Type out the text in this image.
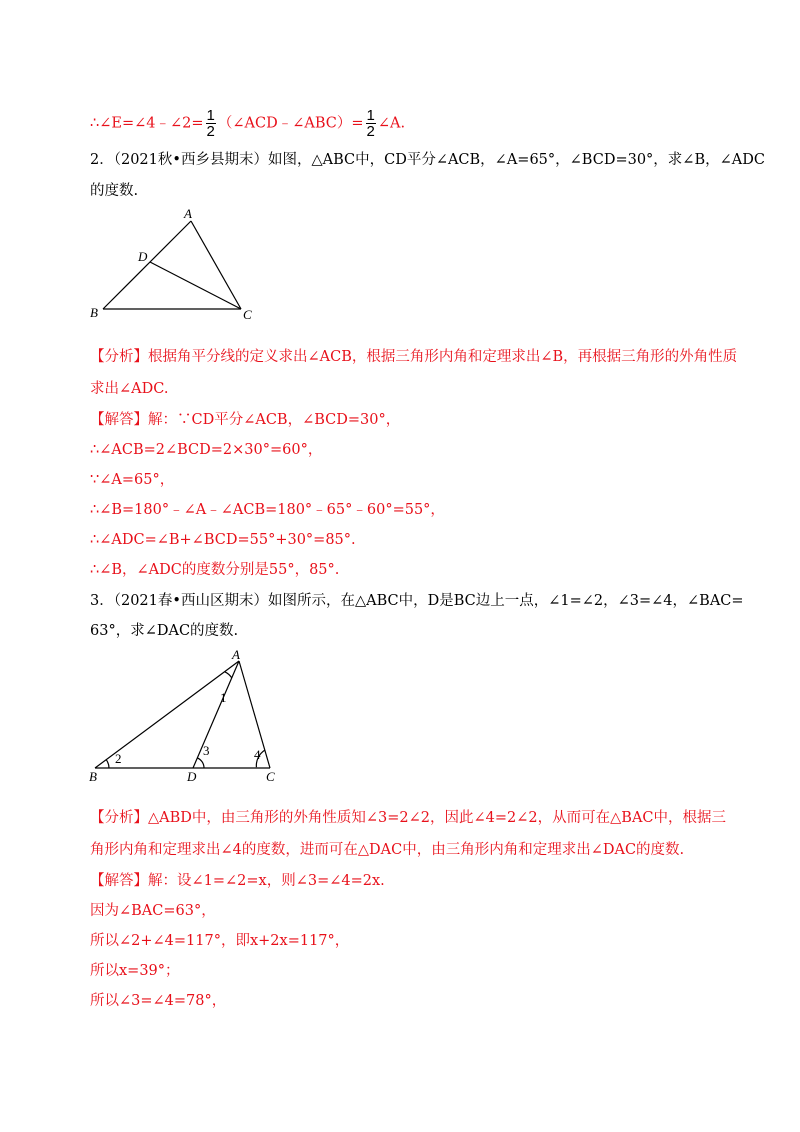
∴∠E=∠4﹣∠2= $\frac{1}{2}$ （∠ACD﹣∠ABC）= $\frac{1}{2}$ ∠A.
2．（2021秋•西乡县期末）如图，△ABC中，CD平分∠ACB，∠A=65°，∠BCD=30°，求∠B，∠ADC
的度数.
A
D
B	C
【分析】根据角平分线的定义求出∠ACB，根据三角形内角和定理求出∠B，再根据三角形的外角性质
求出∠ADC.
【解答】解：∵CD平分∠ACB，∠BCD=30°，
∴∠ACB=2∠BCD=2×30°=60°，
∵∠A=65°，
∴∠B=180°﹣∠A﹣∠ACB=180°﹣65°﹣60°=55°，
∴∠ADC=∠B+∠BCD=55°+30°=85°.
∴∠B，∠ADC的度数分别是55°，85°.
3．（2021春•西山区期末）如图所示，在△ABC中，D是BC边上一点，∠1=∠2，∠3=∠4，∠BAC=
63°，求∠DAC的度数.
A
B	D	C
1
2
3	4
【分析】△ABD中，由三角形的外角性质知∠3=2∠2，因此∠4=2∠2，从而可在△BAC中，根据三
角形内角和定理求出∠4的度数，进而可在△DAC中，由三角形内角和定理求出∠DAC的度数.
【解答】解：设∠1=∠2=x，则∠3=∠4=2x.
因为∠BAC=63°，
所以∠2+∠4=117°，即x+2x=117°，
所以x=39°；
所以∠3=∠4=78°，
